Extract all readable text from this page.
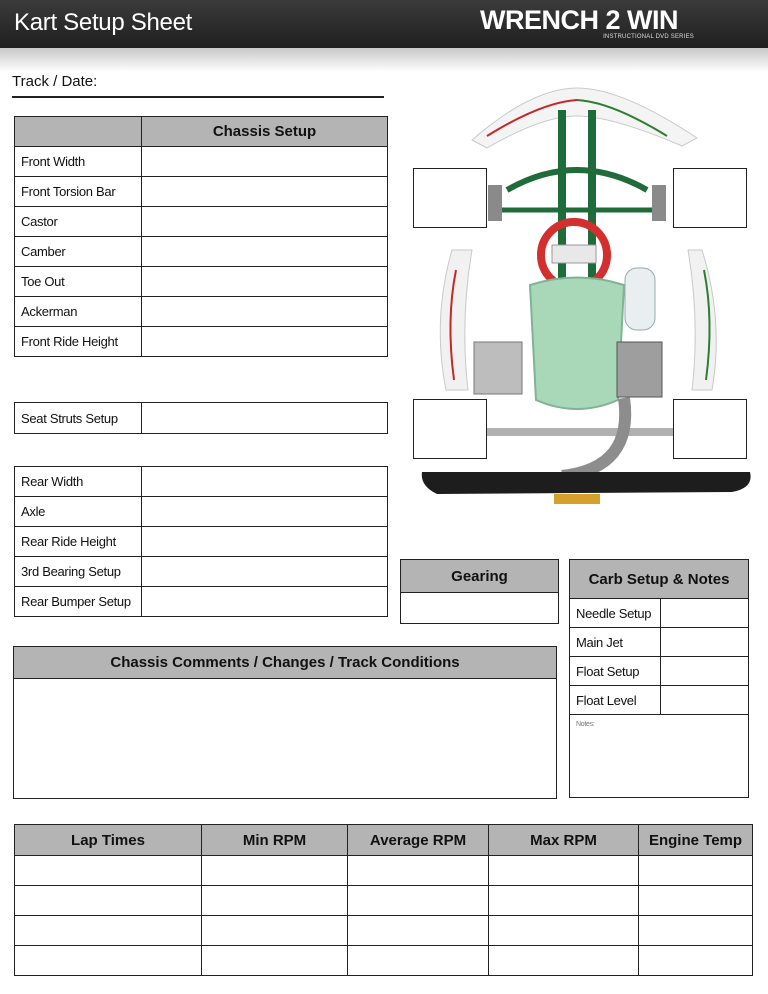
Kart Setup Sheet	WRENCH 2 WIN
INSTRUCTIONAL DVD SERIES
Track / Date:
	Chassis Setup
Front Width	
Front Torsion Bar	
Castor	
Camber	
Toe Out	
Ackerman	
Front Ride Height	
Seat Struts Setup	
Rear Width	
Axle	
Rear Ride Height	
3rd Bearing Setup	
Rear Bumper Setup	
Gearing	Carb Setup & Notes	
Needle Setup	
Main Jet	
Float Setup	
Float Level	
Notes:	
Chassis Comments / Changes / Track Conditions

Lap Times	Min RPM	Average RPM	Max RPM	Engine Temp
